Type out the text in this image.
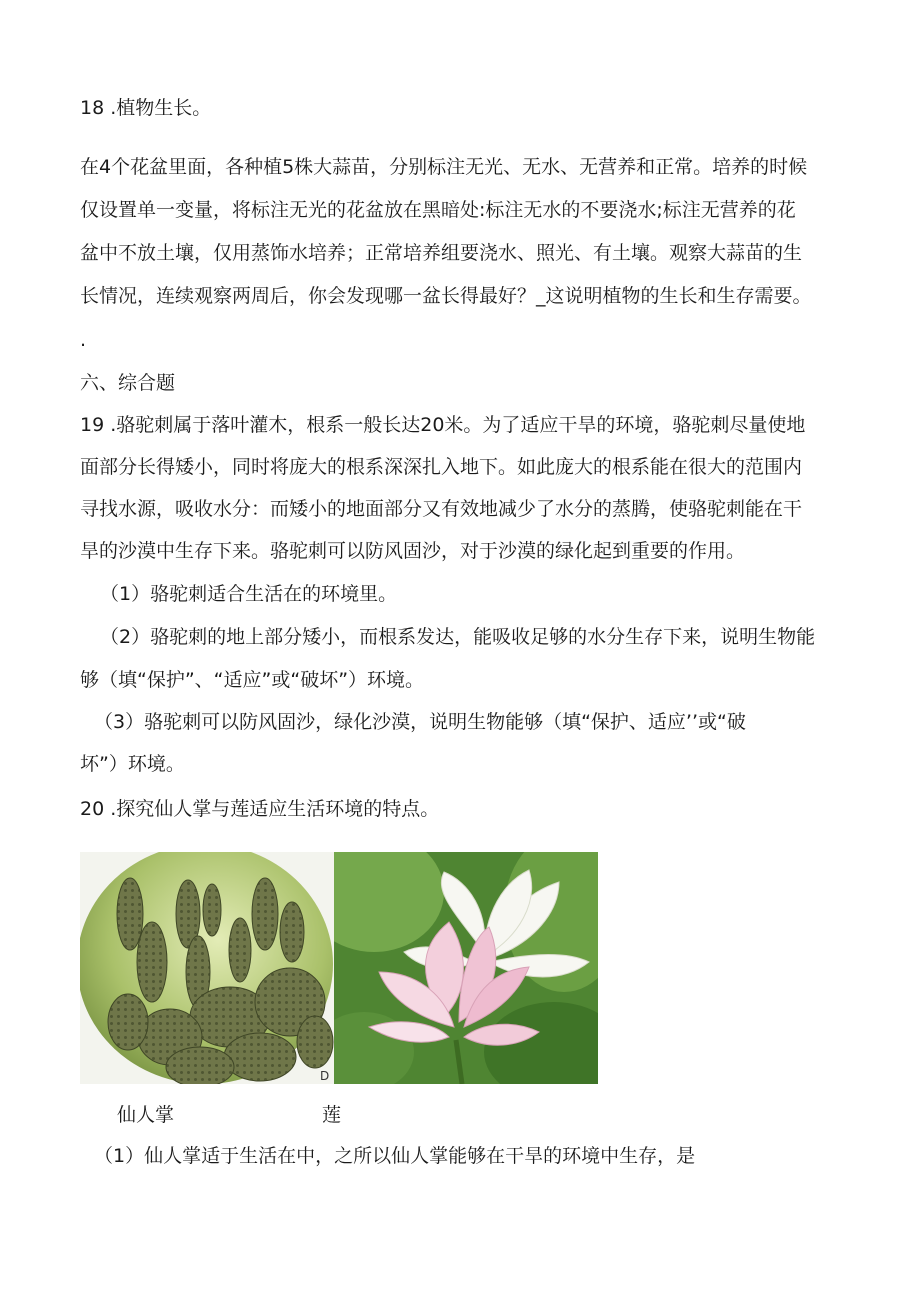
18 .植物生长。
在4个花盆里面，各种植5株大蒜苗，分别标注无光、无水、无营养和正常。培养的时候
仅设置单一变量，将标注无光的花盆放在黑暗处:标注无水的不要浇水;标注无营养的花
盆中不放土壤，仅用蒸饰水培养；正常培养组要浇水、照光、有土壤。观察大蒜苗的生
长情况，连续观察两周后，你会发现哪一盆长得最好？_这说明植物的生长和生存需要。
.
六、综合题
19 .骆驼刺属于落叶灌木，根系一般长达20米。为了适应干旱的环境，骆驼刺尽量使地
面部分长得矮小，同时将庞大的根系深深扎入地下。如此庞大的根系能在很大的范围内
寻找水源，吸收水分：而矮小的地面部分又有效地减少了水分的蒸腾，使骆驼刺能在干
旱的沙漠中生存下来。骆驼刺可以防风固沙，对于沙漠的绿化起到重要的作用。
（1）骆驼刺适合生活在的环境里。
（2）骆驼刺的地上部分矮小，而根系发达，能吸收足够的水分生存下来，说明生物能
够（填“保护”、“适应”或“破坏”）环境。
（3）骆驼刺可以防风固沙，绿化沙漠，说明生物能够（填“保护、适应’’或“破
坏”）环境。
20 .探究仙人掌与莲适应生活环境的特点。
D
仙人掌	莲
（1）仙人掌适于生活在中，之所以仙人掌能够在干旱的环境中生存，是
